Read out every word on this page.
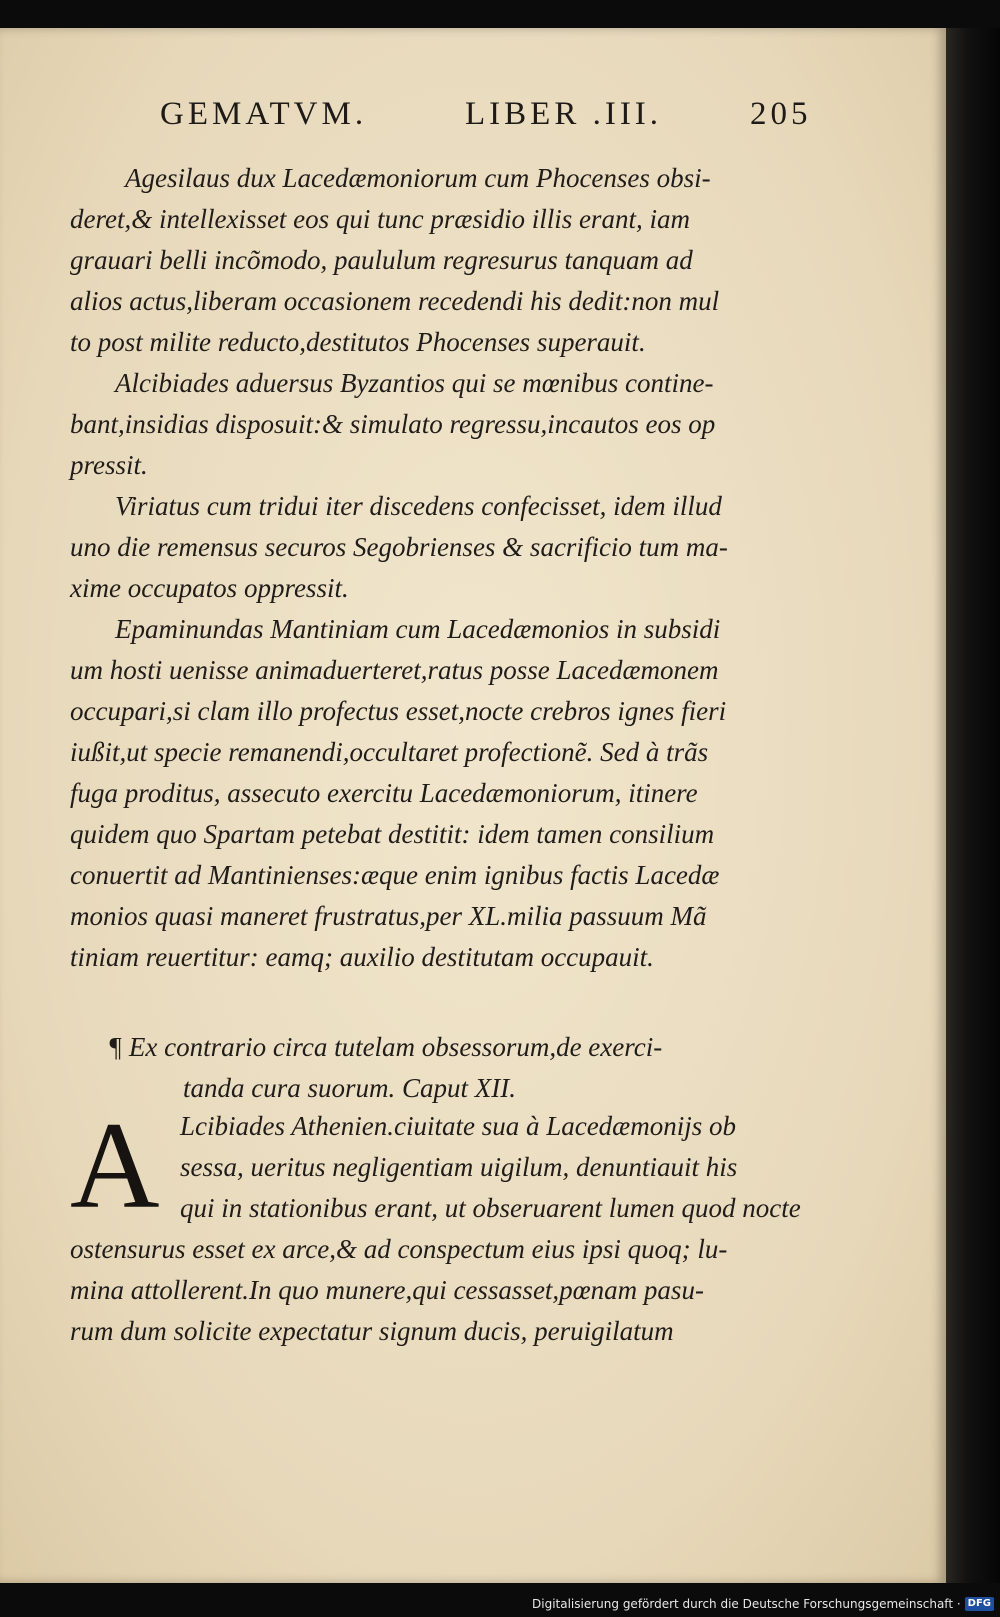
GEMATVM.	LIBER .III.	205
Agesilaus dux Lacedæmoniorum cum Phocenses obsi-
deret,& intellexisset eos qui tunc præsidio illis erant, iam
grauari belli incõmodo, paululum regresurus tanquam ad
alios actus,liberam occasionem recedendi his dedit:non mul
to post milite reducto,destitutos Phocenses superauit.
Alcibiades aduersus Byzantios qui se mœnibus contine-
bant,insidias disposuit:& simulato regressu,incautos eos op
pressit.
Viriatus cum tridui iter discedens confecisset, idem illud
uno die remensus securos Segobrienses & sacrificio tum ma-
xime occupatos oppressit.
Epaminundas Mantiniam cum Lacedæmonios in subsidi
um hosti uenisse animaduerteret,ratus posse Lacedæmonem
occupari,si clam illo profectus esset,nocte crebros ignes fieri
iußit,ut specie remanendi,occultaret profectionẽ. Sed à trãs
fuga proditus, assecuto exercitu Lacedæmoniorum, itinere
quidem quo Spartam petebat destitit: idem tamen consilium
conuertit ad Mantinienses:æque enim ignibus factis Lacedæ
monios quasi maneret frustratus,per XL.milia passuum Mã
tiniam reuertitur: eamq; auxilio destitutam occupauit.
¶ Ex contrario circa tutelam obsessorum,de exerci-
tanda cura suorum. Caput XII.
A Lcibiades Athenien.ciuitate sua à Lacedæmonijs ob
sessa, ueritus negligentiam uigilum, denuntiauit his
qui in stationibus erant, ut obseruarent lumen quod nocte
ostensurus esset ex arce,& ad conspectum eius ipsi quoq; lu-
mina attollerent.In quo munere,qui cessasset,pœnam pasu-
rum dum solicite expectatur signum ducis, peruigilatum
Digitalisierung gefördert durch die Deutsche Forschungsgemeinschaft · DFG
